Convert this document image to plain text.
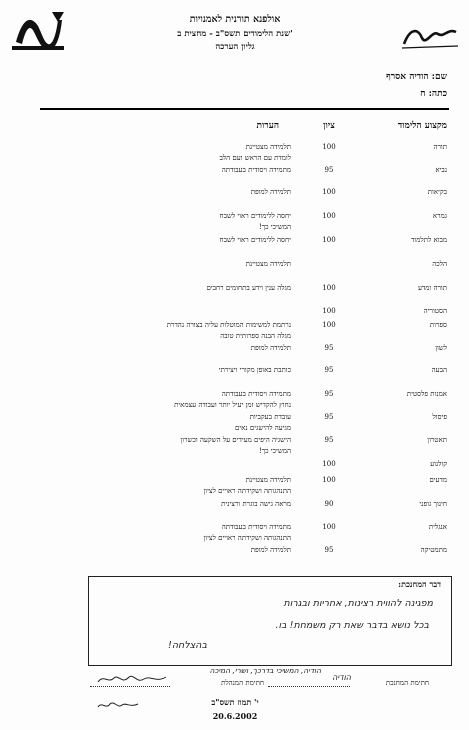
אולפנא תורנית לאמנויות
שנת הלימודים תשס"ב - מחצית ב'
גליון הערכה
שם: הודיה אסרף
כתה: ח
מקצוע הלימוד
ציון
הערות
תורה
100
תלמידה מצטיינת
לומדת עם הראש ועם הלב
נביא
95
מתמידה ויסודית בעבודתה
בקיאות
100
תלמידה למופת
גמרא
100
יחסה ללימודים ראוי לשבח
המשיכי כך!
מבוא לתלמוד
100
יחסה ללימודים ראוי לשבח
הלכה
תלמידה מצטיינת
תורה ומדע
100
מגלה ענין וידע בתחומים רחבים
הסטוריה
100
ספרות
100
נרתמת למשימות המוטלות עליה בצורה נהדרת
מגלה הבנה ספרותית טובה
לשון
95
תלמידה למופת
הבעה
95
כותבת באופן מקורי ויצירתי
אמנות פלסטית
95
מתמידה ויסודית בעבודתה
נחוץ להקדיש זמן יעיל יותר ועבודה עצמאית
פיסול
95
עובדת בעקביות
מגיעה להישגים נאים
תאטרון
95
הישגיה היפים מעידים על השקעה וכשרון
המשיכי כך!
קולנוע
100
מדעים
100
תלמידה מצטיינת
התנהגותה ושקידתה ראויים לציון
חינוך גופני
90
מראה גישה בוגרת ורצינית
אנגלית
100
מתמידה ויסודית בעבודתה
התנהגותה ושקידתה ראויים לציון
מתמטיקה
95
תלמידה למופת
דבר המחנכת:
מפגינה להווית רצינות, אחריות ובגרות
בכל נושא בדבר שאת רק משמחת! בו.
בהצלחה!
הודיה, המשיכי בדרכך, ושרי, המיכה
חתימת המחנכת
הודיה
חתימת המנהלת
י' תמוז תשס"ב
20.6.2002
